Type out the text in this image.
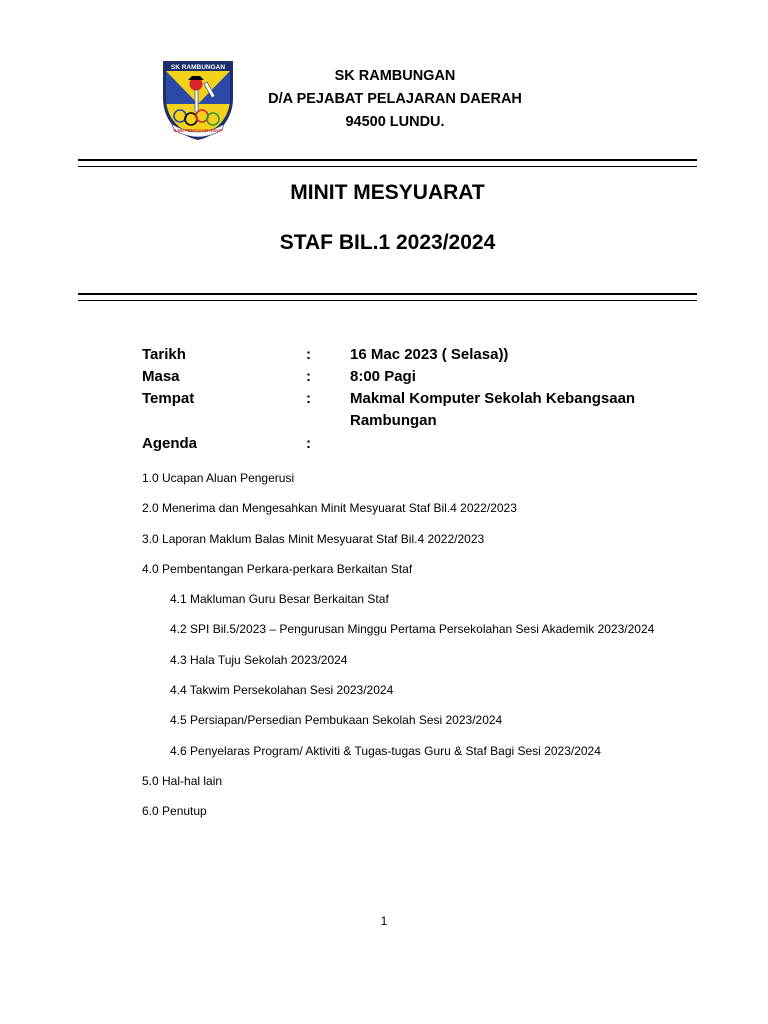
SK RAMBUNGAN
ILMU PENYULUH HIDUP
SK RAMBUNGAN
D/A PEJABAT PELAJARAN DAERAH
94500 LUNDU.
MINIT MESYUARAT
STAF BIL.1 2023/2024
Tarikh	:	16 Mac 2023 ( Selasa))
Masa	:	8:00 Pagi
Tempat	:	Makmal Komputer Sekolah Kebangsaan
Rambungan
Agenda	:
1.0 Ucapan Aluan Pengerusi
2.0 Menerima dan Mengesahkan Minit Mesyuarat Staf Bil.4 2022/2023
3.0 Laporan Maklum Balas Minit Mesyuarat Staf Bil.4 2022/2023
4.0 Pembentangan Perkara-perkara Berkaitan Staf
4.1 Makluman Guru Besar Berkaitan Staf
4.2 SPI Bil.5/2023 – Pengurusan Minggu Pertama Persekolahan Sesi Akademik 2023/2024
4.3 Hala Tuju Sekolah 2023/2024
4.4 Takwim Persekolahan Sesi 2023/2024
4.5 Persiapan/Persedian Pembukaan Sekolah Sesi 2023/2024
4.6 Penyelaras Program/ Aktiviti & Tugas-tugas Guru & Staf Bagi Sesi 2023/2024
5.0 Hal-hal lain
6.0 Penutup
1
